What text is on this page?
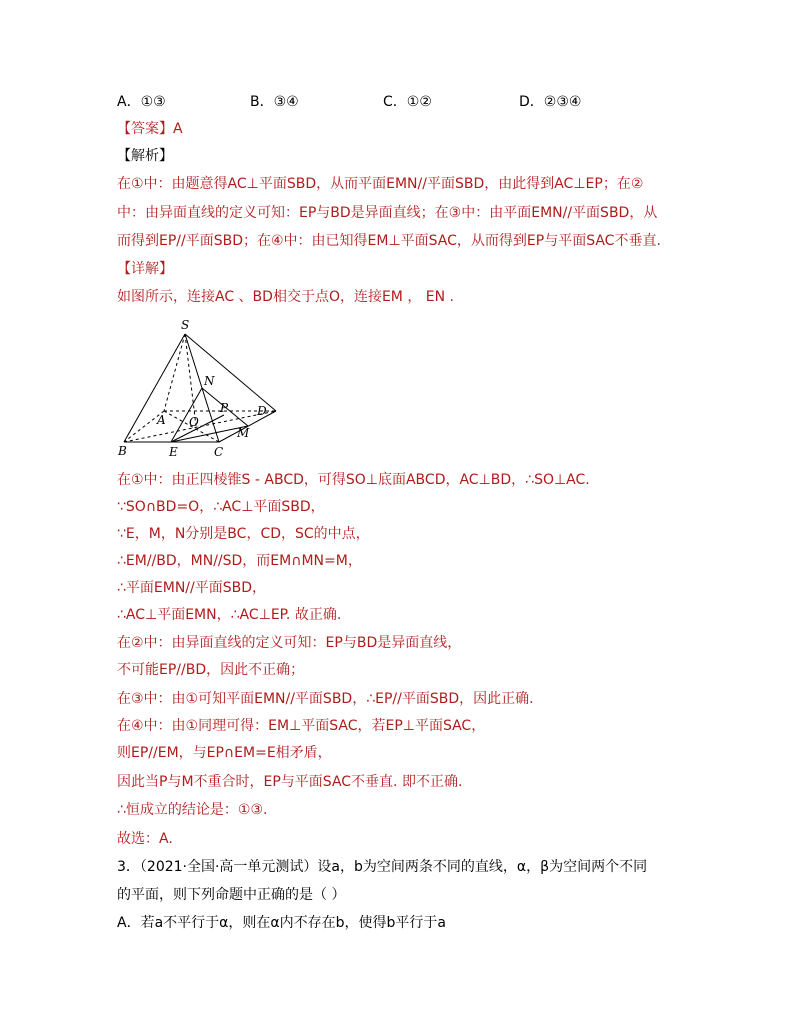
A．①③	B．③④	C．①②	D．②③④
【答案】A
【解析】
在①中：由题意得AC⊥平面SBD，从而平面EMN//平面SBD，由此得到AC⊥EP；在②
中：由异面直线的定义可知：EP与BD是异面直线；在③中：由平面EMN//平面SBD，从
而得到EP//平面SBD；在④中：由已知得EM⊥平面SAC，从而得到EP与平面SAC不垂直.
【详解】
如图所示，连接AC 、BD相交于点O，连接EM ， EN .
S
N
P D
A O
M
B	E	C
在①中：由正四棱锥S - ABCD，可得SO⊥底面ABCD，AC⊥BD，∴SO⊥AC.
∵SO∩BD=O，∴AC⊥平面SBD，
∵E，M，N分别是BC，CD，SC的中点，
∴EM//BD，MN//SD，而EM∩MN=M，
∴平面EMN//平面SBD，
∴AC⊥平面EMN，∴AC⊥EP. 故正确.
在②中：由异面直线的定义可知：EP与BD是异面直线，
不可能EP//BD，因此不正确；
在③中：由①可知平面EMN//平面SBD，∴EP//平面SBD，因此正确.
在④中：由①同理可得：EM⊥平面SAC，若EP⊥平面SAC，
则EP//EM，与EP∩EM=E相矛盾，
因此当P与M不重合时，EP与平面SAC不垂直. 即不正确.
∴恒成立的结论是：①③.
故选：A.
3．（2021·全国·高一单元测试）设a，b为空间两条不同的直线，α，β为空间两个不同
的平面，则下列命题中正确的是（ ）
A．若a不平行于α，则在α内不存在b，使得b平行于a
